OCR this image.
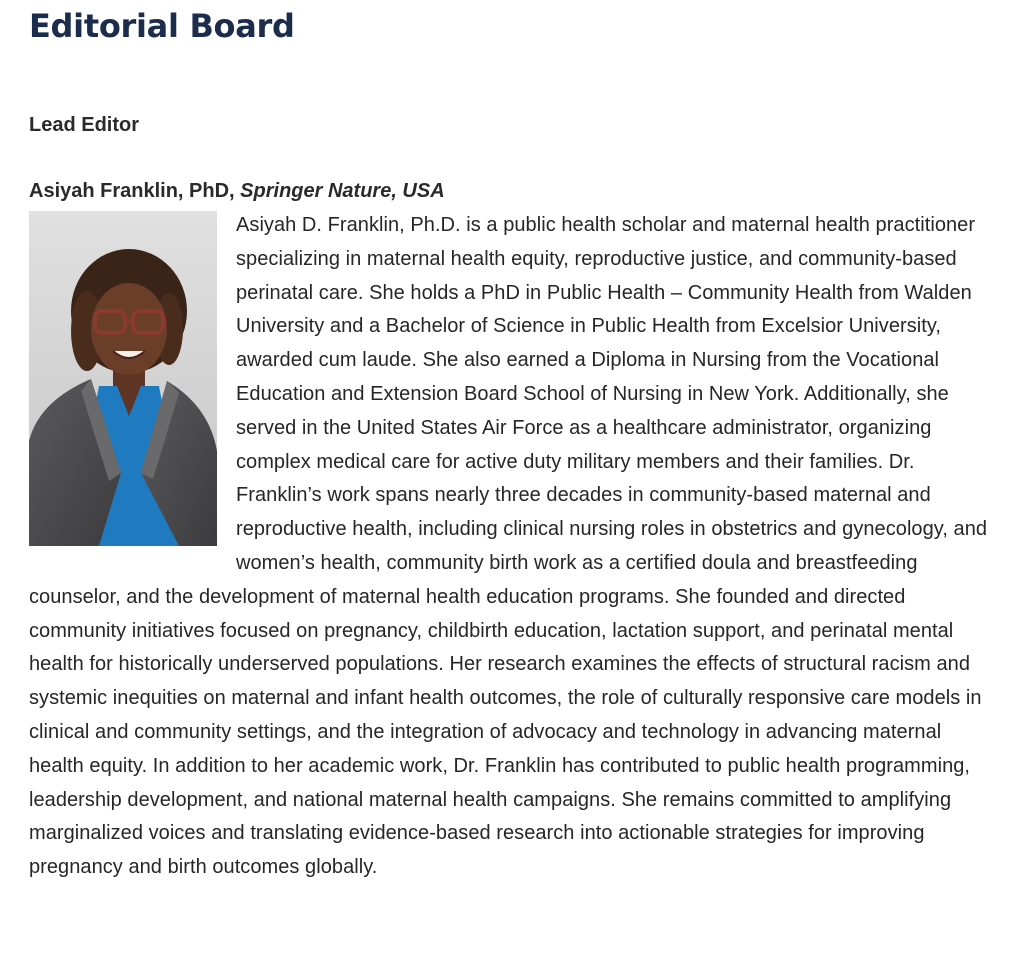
Editorial Board
Lead Editor
Asiyah Franklin, PhD, Springer Nature, USA

Asiyah D. Franklin, Ph.D. is a public health scholar and maternal health practitioner specializing in maternal health equity, reproductive justice, and community-based perinatal care. She holds a PhD in Public Health – Community Health from Walden University and a Bachelor of Science in Public Health from Excelsior University, awarded cum laude. She also earned a Diploma in Nursing from the Vocational Education and Extension Board School of Nursing in New York. Additionally, she served in the United States Air Force as a healthcare administrator, organizing complex medical care for active duty military members and their families. Dr. Franklin’s work spans nearly three decades in community-based maternal and reproductive health, including clinical nursing roles in obstetrics and gynecology, and women’s health, community birth work as a certified doula and breastfeeding counselor, and the development of maternal health education programs. She founded and directed community initiatives focused on pregnancy, childbirth education, lactation support, and perinatal mental health for historically underserved populations. Her research examines the effects of structural racism and systemic inequities on maternal and infant health outcomes, the role of culturally responsive care models in clinical and community settings, and the integration of advocacy and technology in advancing maternal health equity. In addition to her academic work, Dr. Franklin has contributed to public health programming, leadership development, and national maternal health campaigns. She remains committed to amplifying marginalized voices and translating evidence-based research into actionable strategies for improving pregnancy and birth outcomes globally.
